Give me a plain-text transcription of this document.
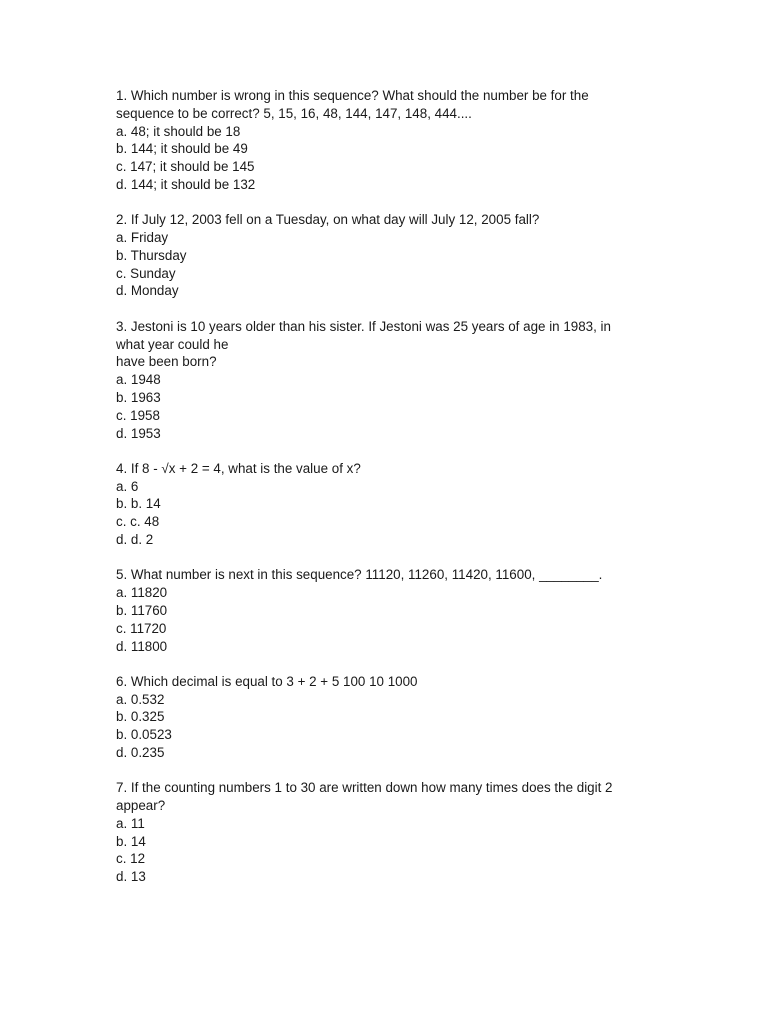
1. Which number is wrong in this sequence? What should the number be for the
sequence to be correct? 5, 15, 16, 48, 144, 147, 148, 444....
a. 48; it should be 18
b. 144; it should be 49
c. 147; it should be 145
d. 144; it should be 132
2. If July 12, 2003 fell on a Tuesday, on what day will July 12, 2005 fall?
a. Friday
b. Thursday
c. Sunday
d. Monday
3. Jestoni is 10 years older than his sister. If Jestoni was 25 years of age in 1983, in
what year could he
have been born?
a. 1948
b. 1963
c. 1958
d. 1953
4. If 8 - √x + 2 = 4, what is the value of x?
a. 6
b. b. 14
c. c. 48
d. d. 2
5. What number is next in this sequence? 11120, 11260, 11420, 11600, ________.
a. 11820
b. 11760
c. 11720
d. 11800
6. Which decimal is equal to 3 + 2 + 5 100 10 1000
a. 0.532
b. 0.325
b. 0.0523
d. 0.235
7. If the counting numbers 1 to 30 are written down how many times does the digit 2
appear?
a. 11
b. 14
c. 12
d. 13
